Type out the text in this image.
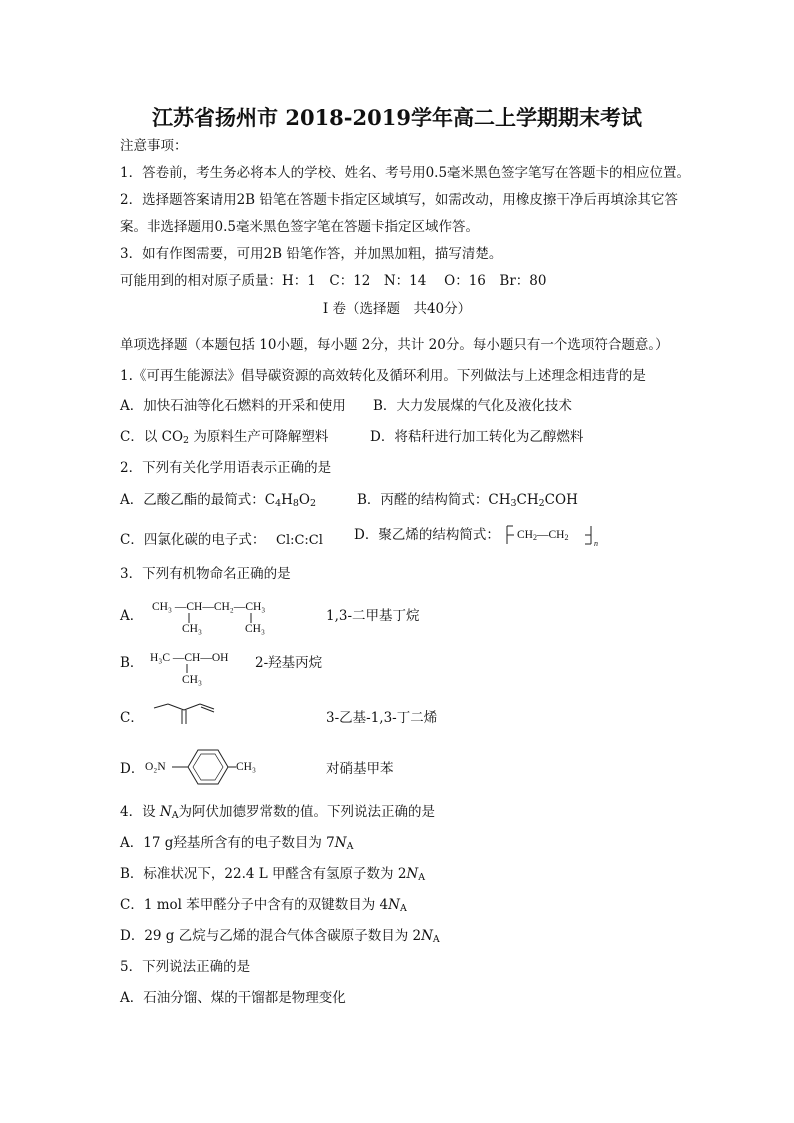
江苏省扬州市 2018-2019学年高二上学期期末考试
注意事项：
1．答卷前，考生务必将本人的学校、姓名、考号用0.5毫米黑色签字笔写在答题卡的相应位置。
2．选择题答案请用2B 铅笔在答题卡指定区域填写，如需改动，用橡皮擦干净后再填涂其它答
案。非选择题用0.5毫米黑色签字笔在答题卡指定区域作答。
3．如有作图需要，可用2B 铅笔作答，并加黑加粗，描写清楚。
可能用到的相对原子质量：H：1　C：12　N：14　 O：16　Br：80
Ⅰ 卷（选择题　共40分）
单项选择题（本题包括 10小题，每小题 2分，共计 20分。每小题只有一个选项符合题意。）
1.《可再生能源法》倡导碳资源的高效转化及循环利用。下列做法与上述理念相违背的是
A．加快石油等化石燃料的开采和使用 B．大力发展煤的气化及液化技术
C．以 $CO_2$ 为原料生产可降解塑料	D．将秸秆进行加工转化为乙醇燃料
2．下列有关化学用语表示正确的是
A．乙酸乙酯的最简式：$C_4H_8O_2$	B．丙醛的结构简式：$CH_3CH_2COH$
C．四氯化碳的电子式： Cl:C:Cl D．聚乙烯的结构简式： $CH_2—CH_2$
n
3．下列有机物命名正确的是
A．
CH₃ —CH—CH₂—CH₃
CH₃	CH₃
1,3-二甲基丁烷
B． H₃C —CH—OH
CH₃
2-羟基丙烷
C．	3-乙基-1,3-丁二烯
D． O₂N	CH₃	对硝基甲苯
4．设 $N_A$为阿伏加德罗常数的值。下列说法正确的是
A．17 g羟基所含有的电子数目为 $7N_A$
B．标准状况下，22.4 L 甲醛含有氢原子数为 $2N_A$
C．1 mol 苯甲醛分子中含有的双键数目为 $4N_A$
D．29 g 乙烷与乙烯的混合气体含碳原子数目为 $2N_A$
5．下列说法正确的是
A．石油分馏、煤的干馏都是物理变化
